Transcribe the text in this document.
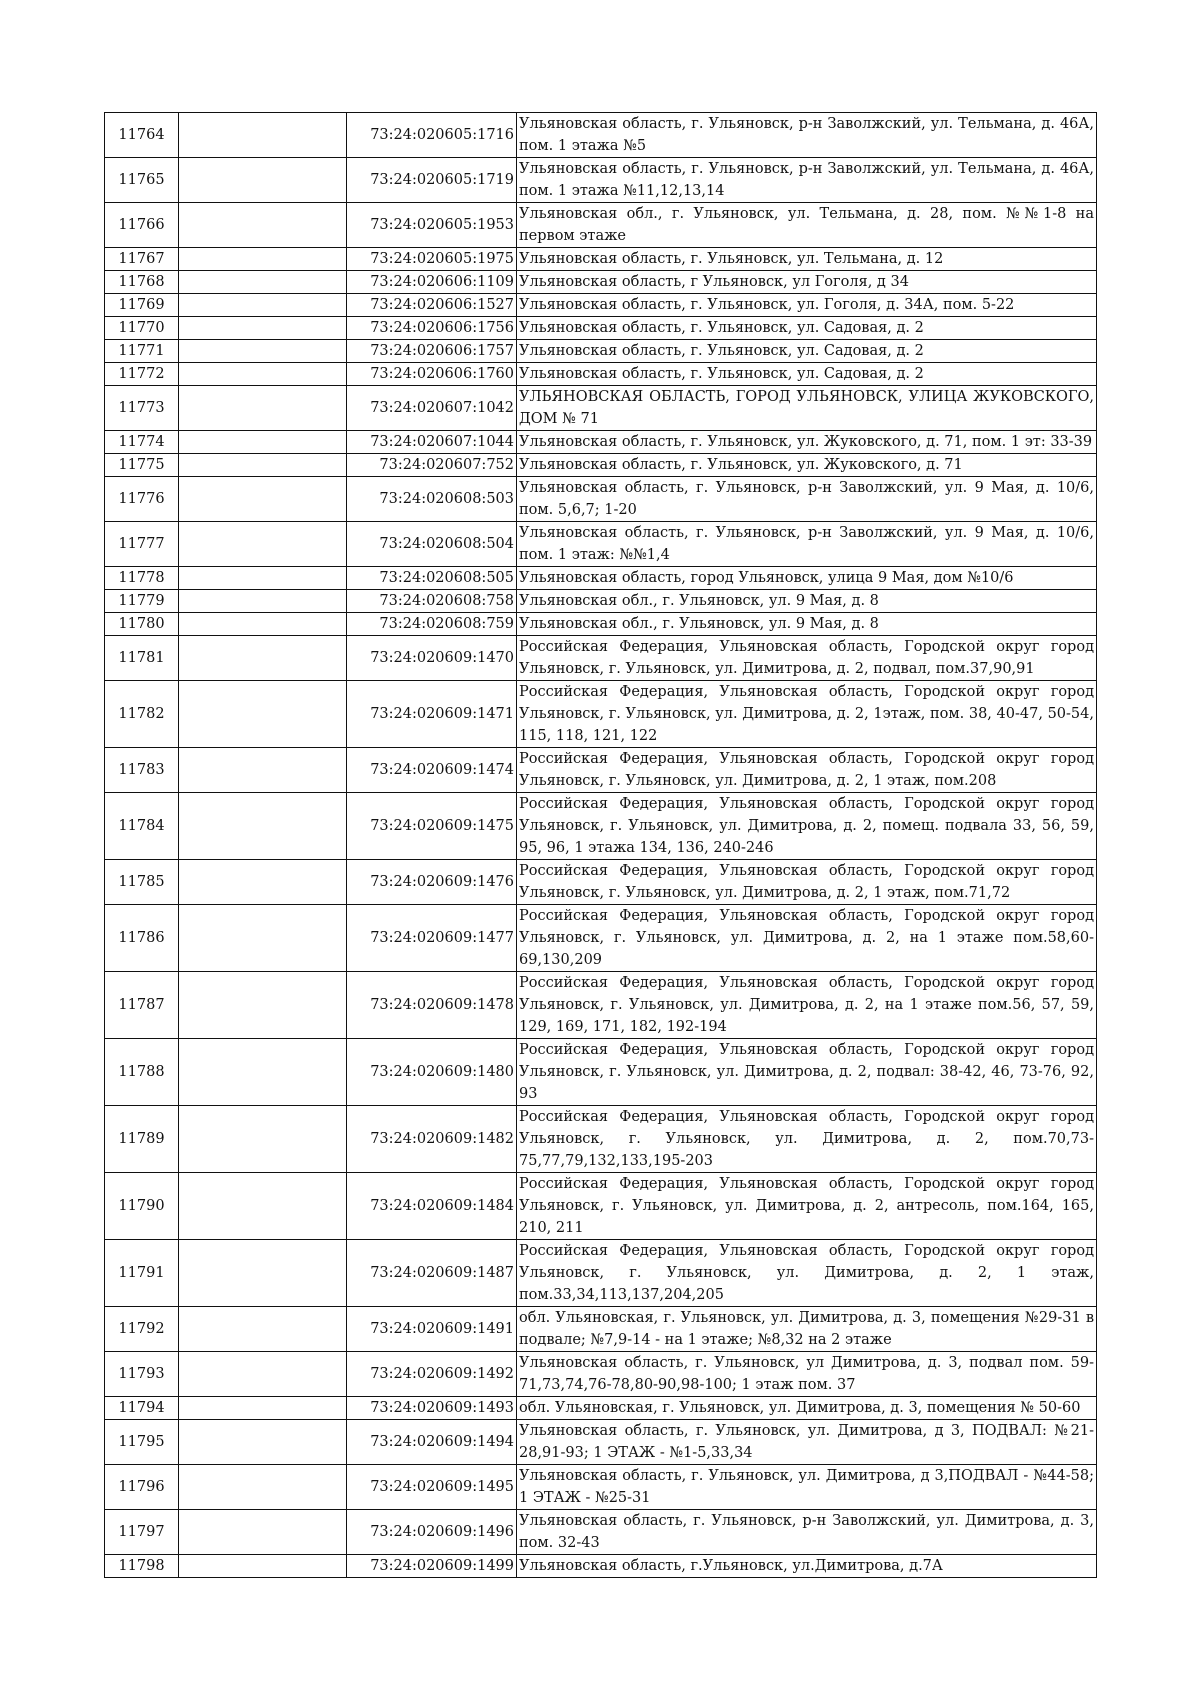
11764		73:24:020605:1716	Ульяновская область, г. Ульяновск, р-н Заволжский, ул. Тельмана, д. 46А, пом. 1 этажа №5
11765		73:24:020605:1719	Ульяновская область, г. Ульяновск, р-н Заволжский, ул. Тельмана, д. 46А, пом. 1 этажа №11,12,13,14
11766		73:24:020605:1953	Ульяновская обл., г. Ульяновск, ул. Тельмана, д. 28, пом. №№1-8 на первом этаже
11767		73:24:020605:1975	Ульяновская область, г. Ульяновск, ул. Тельмана, д. 12
11768		73:24:020606:1109	Ульяновская область, г Ульяновск, ул Гоголя, д 34
11769		73:24:020606:1527	Ульяновская область, г. Ульяновск, ул. Гоголя, д. 34А, пом. 5-22
11770		73:24:020606:1756	Ульяновская область, г. Ульяновск, ул. Садовая, д. 2
11771		73:24:020606:1757	Ульяновская область, г. Ульяновск, ул. Садовая, д. 2
11772		73:24:020606:1760	Ульяновская область, г. Ульяновск, ул. Садовая, д. 2
11773		73:24:020607:1042	УЛЬЯНОВСКАЯ ОБЛАСТЬ, ГОРОД УЛЬЯНОВСК, УЛИЦА ЖУКОВСКОГО, ДОМ № 71
11774		73:24:020607:1044	Ульяновская область, г. Ульяновск, ул. Жуковского, д. 71, пом. 1 эт: 33-39
11775		73:24:020607:752	Ульяновская область, г. Ульяновск, ул. Жуковского, д. 71
11776		73:24:020608:503	Ульяновская область, г. Ульяновск, р-н Заволжский, ул. 9 Мая, д. 10/6, пом. 5,6,7; 1-20
11777		73:24:020608:504	Ульяновская область, г. Ульяновск, р-н Заволжский, ул. 9 Мая, д. 10/6, пом. 1 этаж: №№1,4
11778		73:24:020608:505	Ульяновская область, город Ульяновск, улица 9 Мая, дом №10/6
11779		73:24:020608:758	Ульяновская обл., г. Ульяновск, ул. 9 Мая, д. 8
11780		73:24:020608:759	Ульяновская обл., г. Ульяновск, ул. 9 Мая, д. 8
11781		73:24:020609:1470	Российская Федерация, Ульяновская область, Городской округ город Ульяновск, г. Ульяновск, ул. Димитрова, д. 2, подвал, пом.37,90,91
11782		73:24:020609:1471	Российская Федерация, Ульяновская область, Городской округ город Ульяновск, г. Ульяновск, ул. Димитрова, д. 2, 1этаж, пом. 38, 40-47, 50-54, 115, 118, 121, 122
11783		73:24:020609:1474	Российская Федерация, Ульяновская область, Городской округ город Ульяновск, г. Ульяновск, ул. Димитрова, д. 2, 1 этаж, пом.208
11784		73:24:020609:1475	Российская Федерация, Ульяновская область, Городской округ город Ульяновск, г. Ульяновск, ул. Димитрова, д. 2, помещ. подвала 33, 56, 59, 95, 96, 1 этажа 134, 136, 240-246
11785		73:24:020609:1476	Российская Федерация, Ульяновская область, Городской округ город Ульяновск, г. Ульяновск, ул. Димитрова, д. 2, 1 этаж, пом.71,72
11786		73:24:020609:1477	Российская Федерация, Ульяновская область, Городской округ город Ульяновск, г. Ульяновск, ул. Димитрова, д. 2, на 1 этаже пом.58,60-69,130,209
11787		73:24:020609:1478	Российская Федерация, Ульяновская область, Городской округ город Ульяновск, г. Ульяновск, ул. Димитрова, д. 2, на 1 этаже пом.56, 57, 59, 129, 169, 171, 182, 192-194
11788		73:24:020609:1480	Российская Федерация, Ульяновская область, Городской округ город Ульяновск, г. Ульяновск, ул. Димитрова, д. 2, подвал: 38-42, 46, 73-76, 92, 93
11789		73:24:020609:1482	Российская Федерация, Ульяновская область, Городской округ город Ульяновск, г. Ульяновск, ул. Димитрова, д. 2, пом.70,73-75,77,79,132,133,195-203
11790		73:24:020609:1484	Российская Федерация, Ульяновская область, Городской округ город Ульяновск, г. Ульяновск, ул. Димитрова, д. 2, антресоль, пом.164, 165, 210, 211
11791		73:24:020609:1487	Российская Федерация, Ульяновская область, Городской округ город Ульяновск, г. Ульяновск, ул. Димитрова, д. 2, 1 этаж, пом.33,34,113,137,204,205
11792		73:24:020609:1491	обл. Ульяновская, г. Ульяновск, ул. Димитрова, д. 3, помещения №29-31 в подвале; №7,9-14 - на 1 этаже; №8,32 на 2 этаже
11793		73:24:020609:1492	Ульяновская область, г. Ульяновск, ул Димитрова, д. 3, подвал пом. 59-71,73,74,76-78,80-90,98-100; 1 этаж пом. 37
11794		73:24:020609:1493	обл. Ульяновская, г. Ульяновск, ул. Димитрова, д. 3, помещения № 50-60
11795		73:24:020609:1494	Ульяновская область, г. Ульяновск, ул. Димитрова, д 3, ПОДВАЛ: №21-28,91-93; 1 ЭТАЖ - №1-5,33,34
11796		73:24:020609:1495	Ульяновская область, г. Ульяновск, ул. Димитрова, д 3,ПОДВАЛ - №44-58; 1 ЭТАЖ - №25-31
11797		73:24:020609:1496	Ульяновская область, г. Ульяновск, р-н Заволжский, ул. Димитрова, д. 3, пом. 32-43
11798		73:24:020609:1499	Ульяновская область, г.Ульяновск, ул.Димитрова, д.7А
